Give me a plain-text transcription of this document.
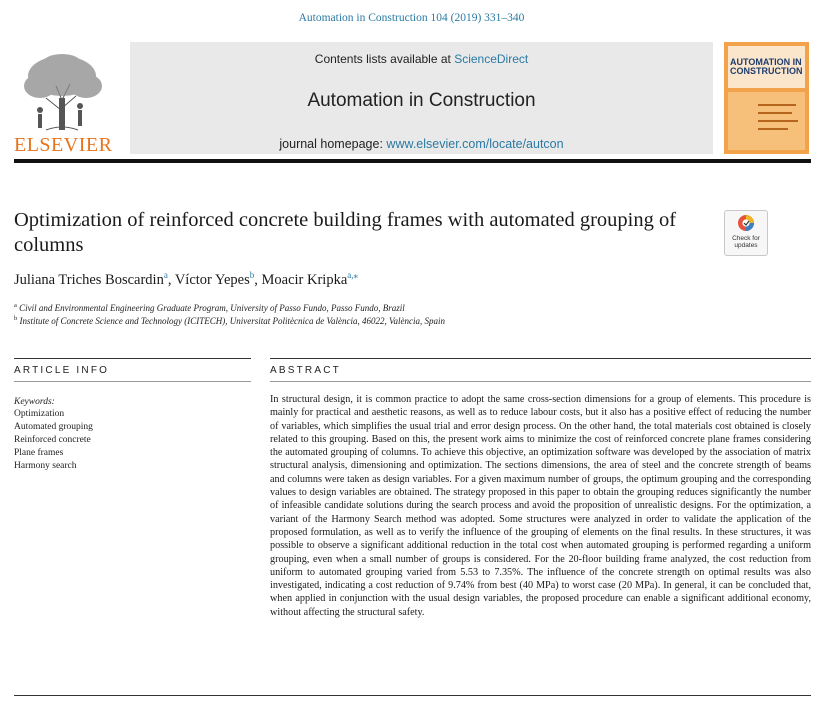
Automation in Construction 104 (2019) 331–340
ELSEVIER
Contents lists available at ScienceDirect
Automation in Construction
journal homepage: www.elsevier.com/locate/autcon
AUTOMATION IN CONSTRUCTION
Optimization of reinforced concrete building frames with automated grouping of columns	Check for updates
Juliana Triches Boscardin$^a$, Víctor Yepes$^b$, Moacir Kripka$^{a,⁎}$
$^a$ Civil and Environmental Engineering Graduate Program, University of Passo Fundo, Passo Fundo, Brazil
$^b$ Institute of Concrete Science and Technology (ICITECH), Universitat Politècnica de València, 46022, València, Spain
ARTICLE INFO	ABSTRACT
Keywords:
Optimization
Automated grouping
Reinforced concrete
Plane frames
Harmony search
In structural design, it is common practice to adopt the same cross-section dimensions for a group of elements. This procedure is mainly for practical and aesthetic reasons, as well as to reduce labour costs, but it also has a positive effect of reducing the number of variables, which simplifies the usual trial and error design process. On the other hand, the total materials cost obtained is closely related to this grouping. Based on this, the present work aims to minimize the cost of reinforced concrete plane frames considering the automated grouping of columns. To achieve this objective, an optimization software was developed by the association of matrix structural analysis, dimensioning and optimization. The sections dimensions, the area of steel and the concrete strength of beams and columns were taken as design variables. For a given maximum number of groups, the optimum grouping and the corresponding values to design variables are obtained. The strategy proposed in this paper to obtain the grouping reduces significantly the number of infeasible candidate solutions during the search process and avoid the proposition of unrealistic designs. For the optimization, a variant of the Harmony Search method was adopted. Some structures were analyzed in order to validate the application of the proposed formulation, as well as to verify the influence of the grouping of elements on the final results. In these structures, it was possible to observe a significant additional reduction in the total cost when automated grouping is performed regarding a uniform grouping, even when a small number of groups is considered. For the 20-floor building frame analyzed, the cost reduction from uniform to automated grouping varied from 5.53 to 7.35%. The influence of the concrete strength on optimal results was also investigated, indicating a cost reduction of 9.74% from best (40 MPa) to worst case (20 MPa). In general, it can be concluded that, when applied in conjunction with the usual design variables, the proposed procedure can enable a significant additional economy, without affecting the structural safety.
